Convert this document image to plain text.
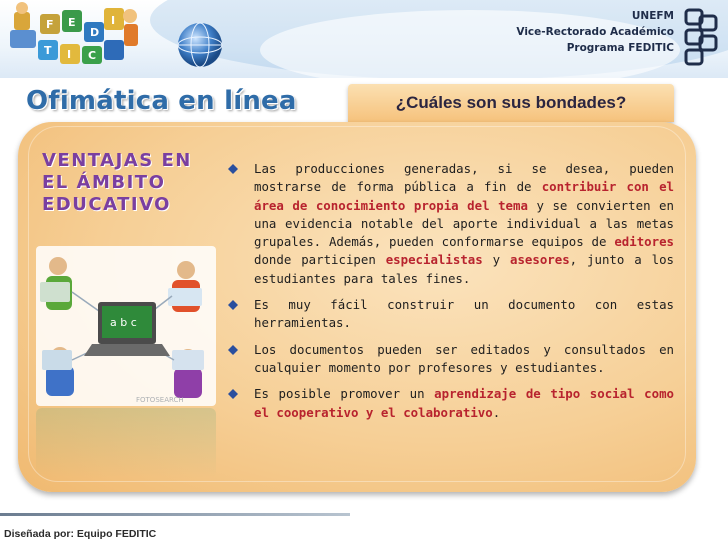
F E
D
I
T I C
UNEFM
Vice-Rectorado Académico
Programa FEDITIC
Ofimática en línea	¿Cuáles son sus bondades?
VENTAJAS EN
EL ÁMBITO
EDUCATIVO
a b c
FOTOSEARCH
Las producciones generadas, si se desea, pueden mostrarse de forma pública a fin de contribuir con el área de conocimiento propia del tema y se convierten en una evidencia notable del aporte individual a las metas grupales. Además, pueden conformarse equipos de editores donde participen especialistas y asesores, junto a los estudiantes para tales fines.
Es muy fácil construir un documento con estas herramientas.
Los documentos pueden ser editados y consultados en cualquier momento por profesores y estudiantes.
Es posible promover un aprendizaje de tipo social como el cooperativo y el colaborativo.
Diseñada por: Equipo FEDITIC
